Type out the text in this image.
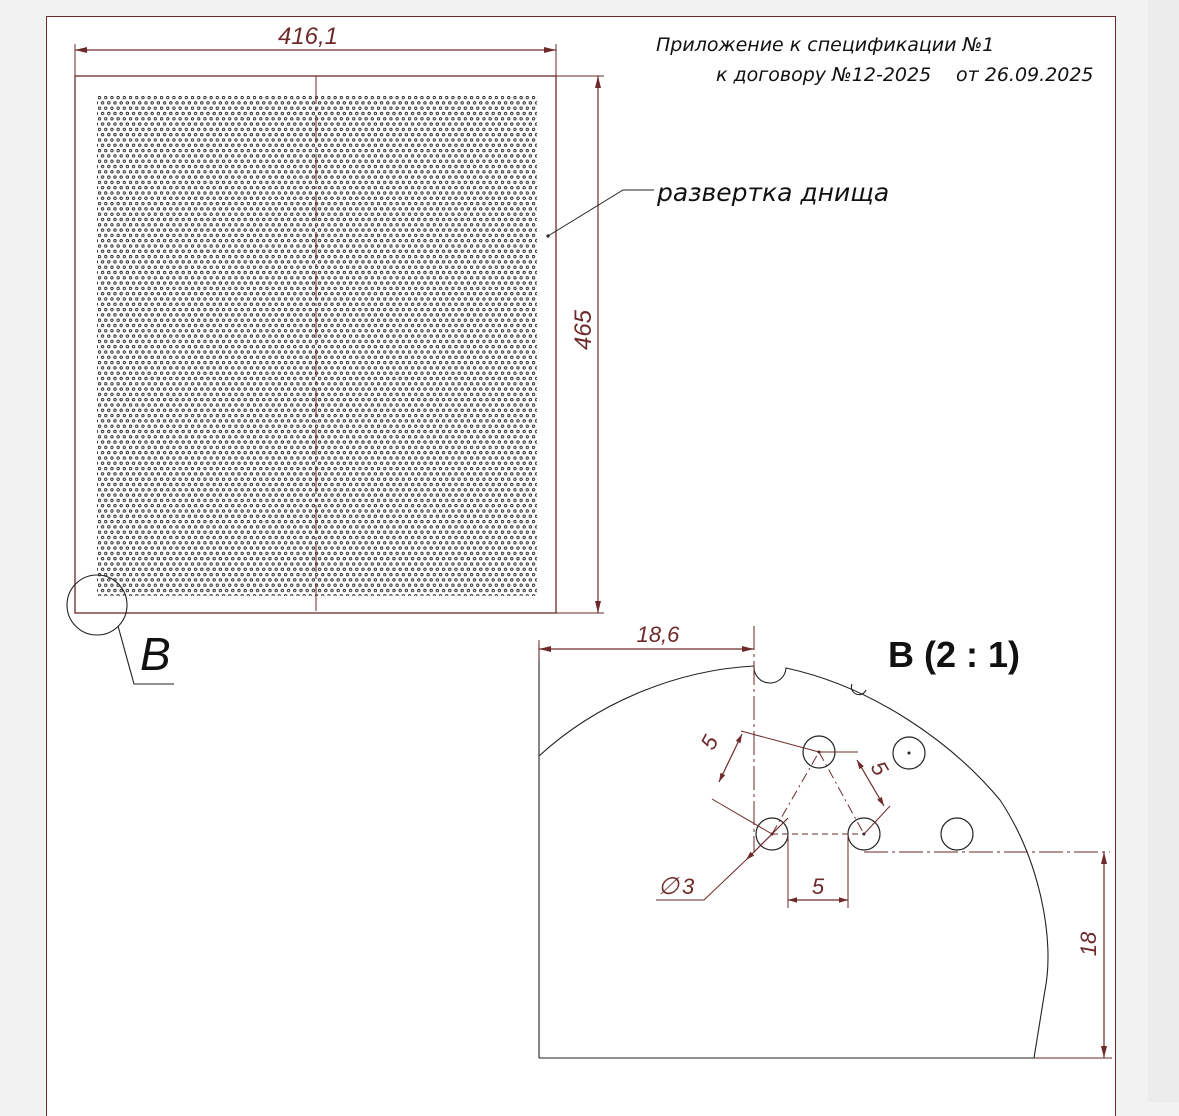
Приложение к спецификации №1
к договору №12-2025 от 26.09.2025
416,1
465
развертка днища
B	B (2 : 1)
18,6
5
5
5
∅ 3
18
